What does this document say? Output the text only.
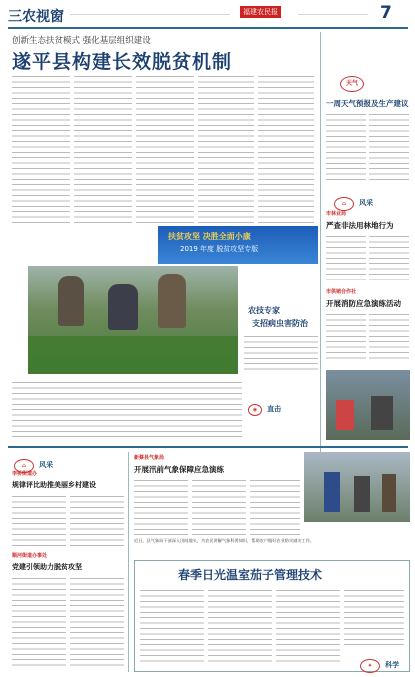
三农视窗	福建农民报	7
创新生态扶贫模式 强化基层组织建设
遂平县构建长效脱贫机制
天气
一周天气预报及生产建议
扶贫攻坚 决胜全面小康
2019 年度 脱贫攻坚专版
农技专家
支招病虫害防治
◉ 直击
⌂ 风采
市林业局
严查非法用林地行为
市供销合作社
开展消防应急演练活动
⌂ 风采
李桥街道办
规律评比助推美丽乡村建设
顺河街道办事处
党建引领助力脱贫攻坚
新蔡县气象局
开展汛前气象保障应急演练
近日，县气象局干部深入田间地头，为农民讲解气象科普知识，帮助农户做好农业防灾减灾工作。
春季日光温室茄子管理技术
✦ 科学
